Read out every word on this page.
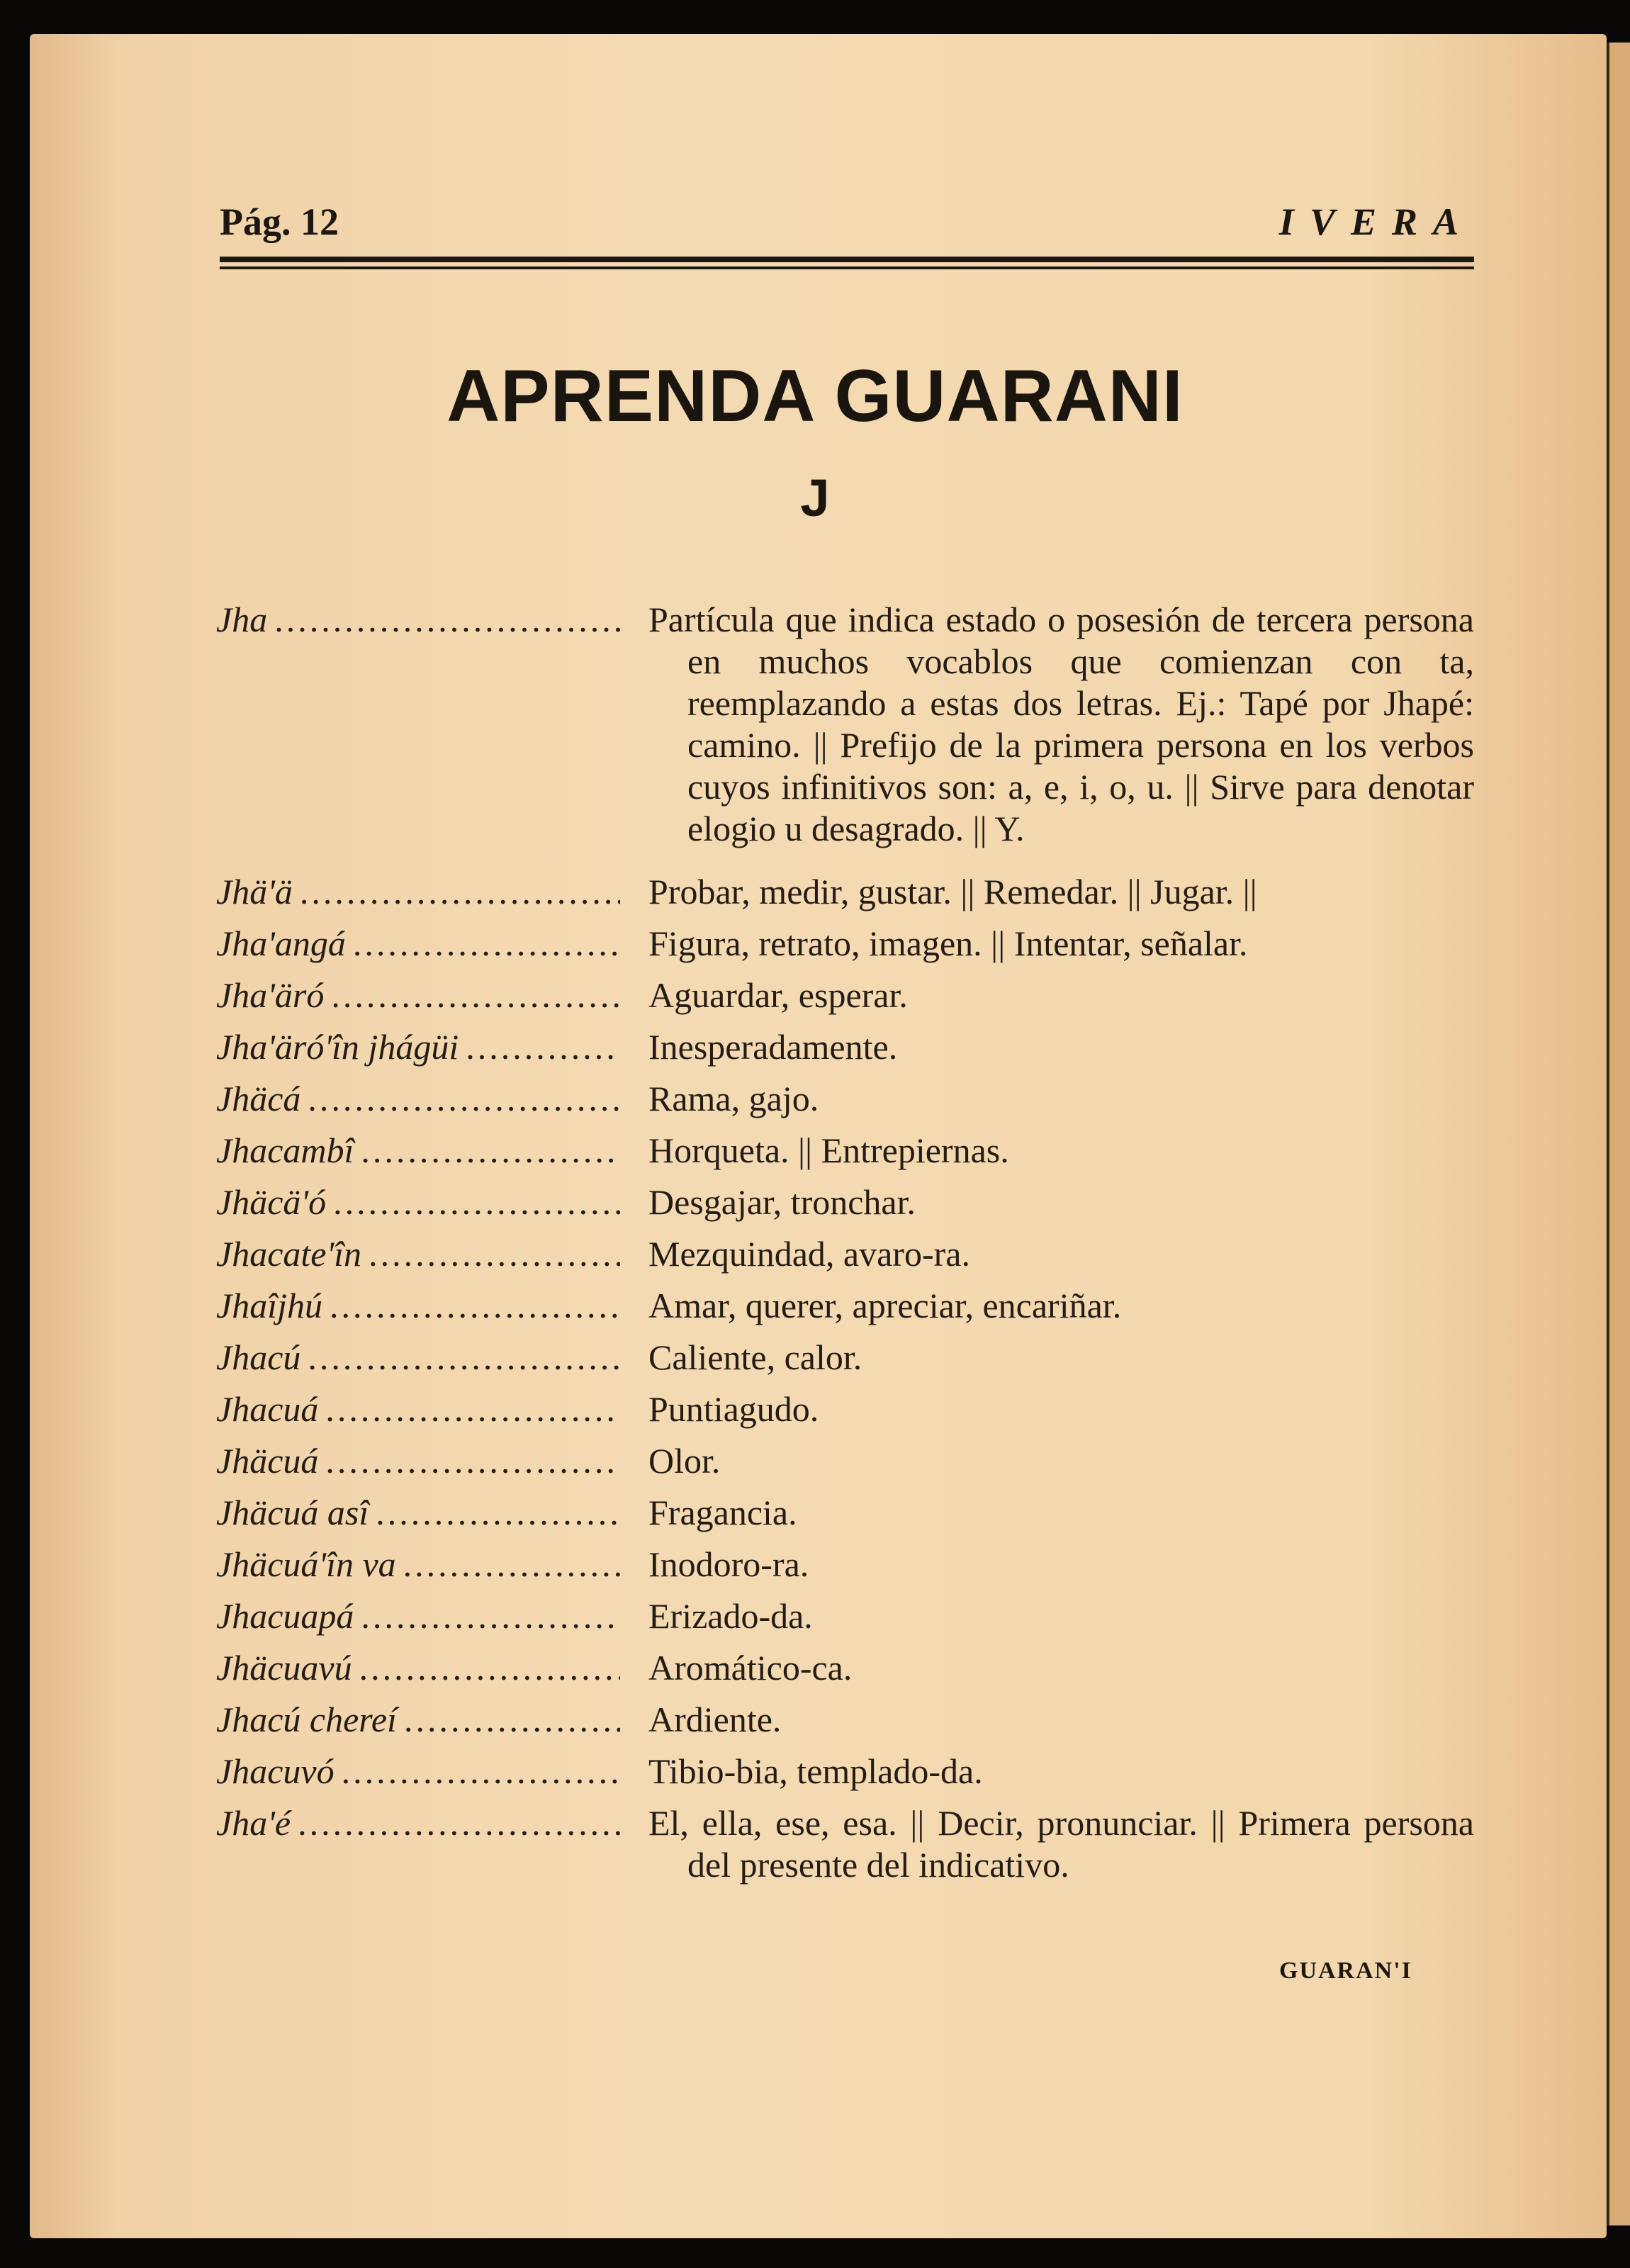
Pág. 12	IVERA
APRENDA GUARANI
J
Jha .....	Partícula que indica estado o posesión de tercera persona en muchos vocablos que comienzan con ta, reemplazando a estas dos letras. Ej.: Tapé por Jhapé: camino. || Prefijo de la primera persona en los verbos cuyos infinitivos son: a, e, i, o, u. || Sirve para denotar elogio u desagrado. || Y.
Jhä'ä .....	Probar, medir, gustar. || Remedar. || Jugar. ||
Jha'angá .....	Figura, retrato, imagen. || Intentar, señalar.
Jha'äró .....	Aguardar, esperar.
Jha'äró'în jhágüi .....	Inesperadamente.
Jhäcá .....	Rama, gajo.
Jhacambî .....	Horqueta. || Entrepiernas.
Jhäcä'ó .....	Desgajar, tronchar.
Jhacate'în .....	Mezquindad, avaro-ra.
Jhaîjhú .....	Amar, querer, apreciar, encariñar.
Jhacú .....	Caliente, calor.
Jhacuá .....	Puntiagudo.
Jhäcuá .....	Olor.
Jhäcuá asî .....	Fragancia.
Jhäcuá'în va .....	Inodoro-ra.
Jhacuapá .....	Erizado-da.
Jhäcuavú .....	Aromático-ca.
Jhacú chereí .....	Ardiente.
Jhacuvó .....	Tibio-bia, templado-da.
Jha'é .....	El, ella, ese, esa. || Decir, pronunciar. || Primera persona del presente del indicativo.
GUARAN'I
